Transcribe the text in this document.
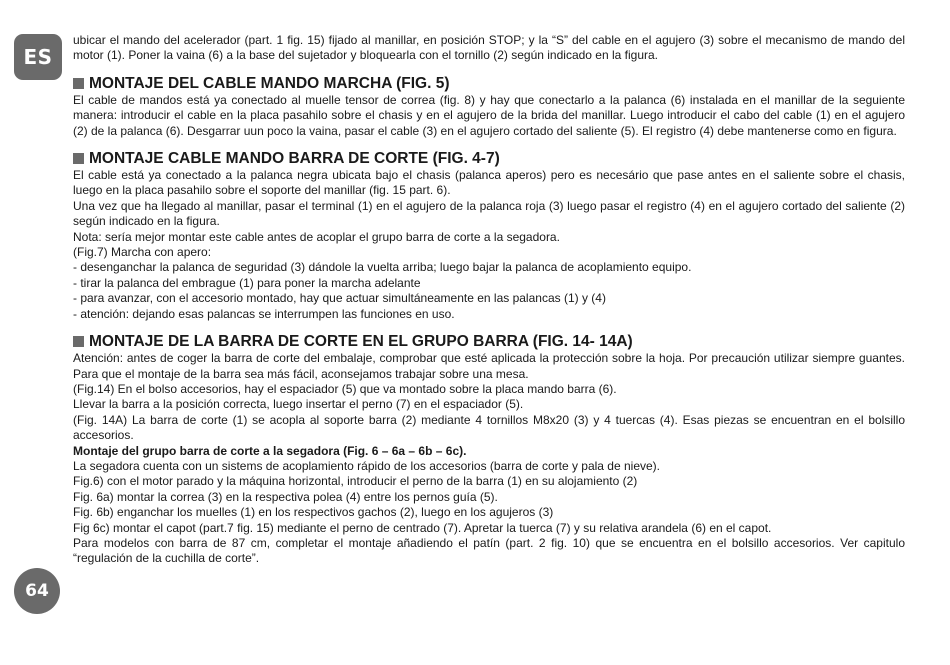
ES
64

ubicar el mando del acelerador (part. 1 fig. 15) fijado al manillar, en posición STOP; y la “S” del cable en el agujero (3) sobre el mecanismo de mando del motor (1). Poner la vaina (6) a la base del sujetador y bloquearla con el tornillo (2) según indicado en la figura.

MONTAJE DEL CABLE MANDO MARCHA (FIG. 5)

El cable de mandos está ya conectado al muelle tensor de correa (fig. 8) y hay que conectarlo a la palanca (6) instalada en el manillar de la seguiente manera: introducir el cable en la placa pasahilo sobre el chasis y en el agujero de la brida del manillar. Luego introducir el cabo del cable (1) en el agujero (2) de la palanca (6). Desgarrar uun poco la vaina, pasar el cable (3) en el agujero cortado del saliente (5). El registro (4) debe mantenerse como en figura.

MONTAJE CABLE MANDO BARRA DE CORTE (FIG. 4-7)

El cable está ya conectado a la palanca negra ubicata bajo el chasis (palanca aperos) pero es necesário que pase antes en el saliente sobre el chasis, luego en la placa pasahilo sobre el soporte del manillar (fig. 15 part. 6).

Una vez que ha llegado al manillar, pasar el terminal (1) en el agujero de la palanca roja (3) luego pasar el registro (4) en el agujero cortado del saliente (2) según indicado en la figura.

Nota: sería mejor montar este cable antes de acoplar el grupo barra de corte a la segadora.

(Fig.7) Marcha con apero:

- desenganchar la palanca de seguridad (3) dándole la vuelta arriba; luego bajar la palanca de acoplamiento equipo.

- tirar la palanca del embrague (1) para poner la marcha adelante

- para avanzar, con el accesorio montado, hay que actuar simultáneamente en las palancas (1) y (4)

- atención: dejando esas palancas se interrumpen las funciones en uso.

MONTAJE DE LA BARRA DE CORTE EN EL GRUPO BARRA (FIG. 14- 14A)

Atención: antes de coger la barra de corte del embalaje, comprobar que esté aplicada la protección sobre la hoja. Por precaución utilizar siempre guantes. Para que el montaje de la barra sea más fácil, aconsejamos trabajar sobre una mesa.

(Fig.14) En el bolso accesorios, hay el espaciador (5) que va montado sobre la placa mando barra (6).

Llevar la barra a la posición correcta, luego insertar el perno (7) en el espaciador (5).

(Fig. 14A) La barra de corte (1) se acopla al soporte barra (2) mediante 4 tornillos M8x20 (3) y 4 tuercas (4). Esas piezas se encuentran en el bolsillo accesorios.

Montaje del grupo barra de corte a la segadora (Fig. 6 – 6a – 6b – 6c).

La segadora cuenta con un sistems de acoplamiento rápido de los accesorios (barra de corte y pala de nieve).

Fig.6) con el motor parado y la máquina horizontal, introducir el perno de la barra (1) en su alojamiento (2)

Fig. 6a) montar la correa (3) en la respectiva polea (4) entre los pernos guía (5).

Fig. 6b) enganchar los muelles (1) en los respectivos gachos (2), luego en los agujeros (3)

Fig 6c) montar el capot (part.7 fig. 15) mediante el perno de centrado (7). Apretar la tuerca (7) y su relativa arandela (6) en el capot.

Para modelos con barra de 87 cm, completar el montaje añadiendo el patín (part. 2 fig. 10) que se encuentra en el bolsillo accesorios. Ver capitulo “regulación de la cuchilla de corte”.
